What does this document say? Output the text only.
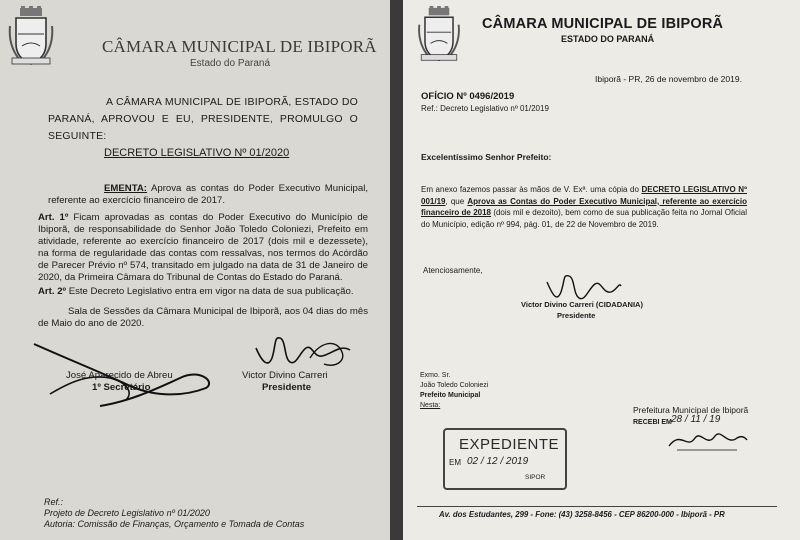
CÂMARA MUNICIPAL DE IBIPORÃ

Estado do Paraná

A CÂMARA MUNICIPAL DE IBIPORÃ, ESTADO DO PARANÁ, APROVOU E EU, PRESIDENTE, PROMULGO O SEGUINTE:

DECRETO LEGISLATIVO Nº 01/2020

EMENTA: Aprova as contas do Poder Executivo Municipal, referente ao exercício financeiro de 2017.

Art. 1º Ficam aprovadas as contas do Poder Executivo do Município de Ibiporã, de responsabilidade do Senhor João Toledo Coloniezi, Prefeito em atividade, referente ao exercício financeiro de 2017 (dois mil e dezessete), na forma de regularidade das contas com ressalvas, nos termos do Acórdão de Parecer Prévio nº 574, transitado em julgado na data de 31 de Janeiro de 2020, da Primeira Câmara do Tribunal de Contas do Estado do Paraná.

Art. 2º Este Decreto Legislativo entra em vigor na data de sua publicação.

Sala de Sessões da Câmara Municipal de Ibiporã, aos 04 dias do mês de Maio do ano de 2020.

José Aparecido de Abreu

1º Secretário

Victor Divino Carreri

Presidente

Ref.:

Projeto de Decreto Legislativo nº 01/2020

Autoria: Comissão de Finanças, Orçamento e Tomada de Contas

CÂMARA MUNICIPAL DE IBIPORÃ

ESTADO DO PARANÁ

Ibiporã - PR, 26 de novembro de 2019.

OFÍCIO Nº 0496/2019

Ref.: Decreto Legislativo nº 01/2019

Excelentíssimo Senhor Prefeito:

Em anexo fazemos passar às mãos de V. Exª. uma cópia do DECRETO LEGISLATIVO Nº 001/19, que Aprova as Contas do Poder Executivo Municipal, referente ao exercício financeiro de 2018 (dois mil e dezoito), bem como de sua publicação feita no Jornal Oficial do Município, edição nº 994, pág. 01, de 22 de Novembro de 2019.

Atenciosamente,

Victor Divino Carreri (CIDADANIA)

Presidente

Exmo. Sr.

João Toledo Coloniezi

Prefeito Municipal

Nesta:

EXPEDIENTE

EM 02 / 12 / 2019

SIPOR

Prefeitura Municipal de Ibiporã

RECEBI EM 28 / 11 / 19

Av. dos Estudantes, 299 - Fone: (43) 3258-8456 - CEP 86200-000 - Ibiporã - PR
